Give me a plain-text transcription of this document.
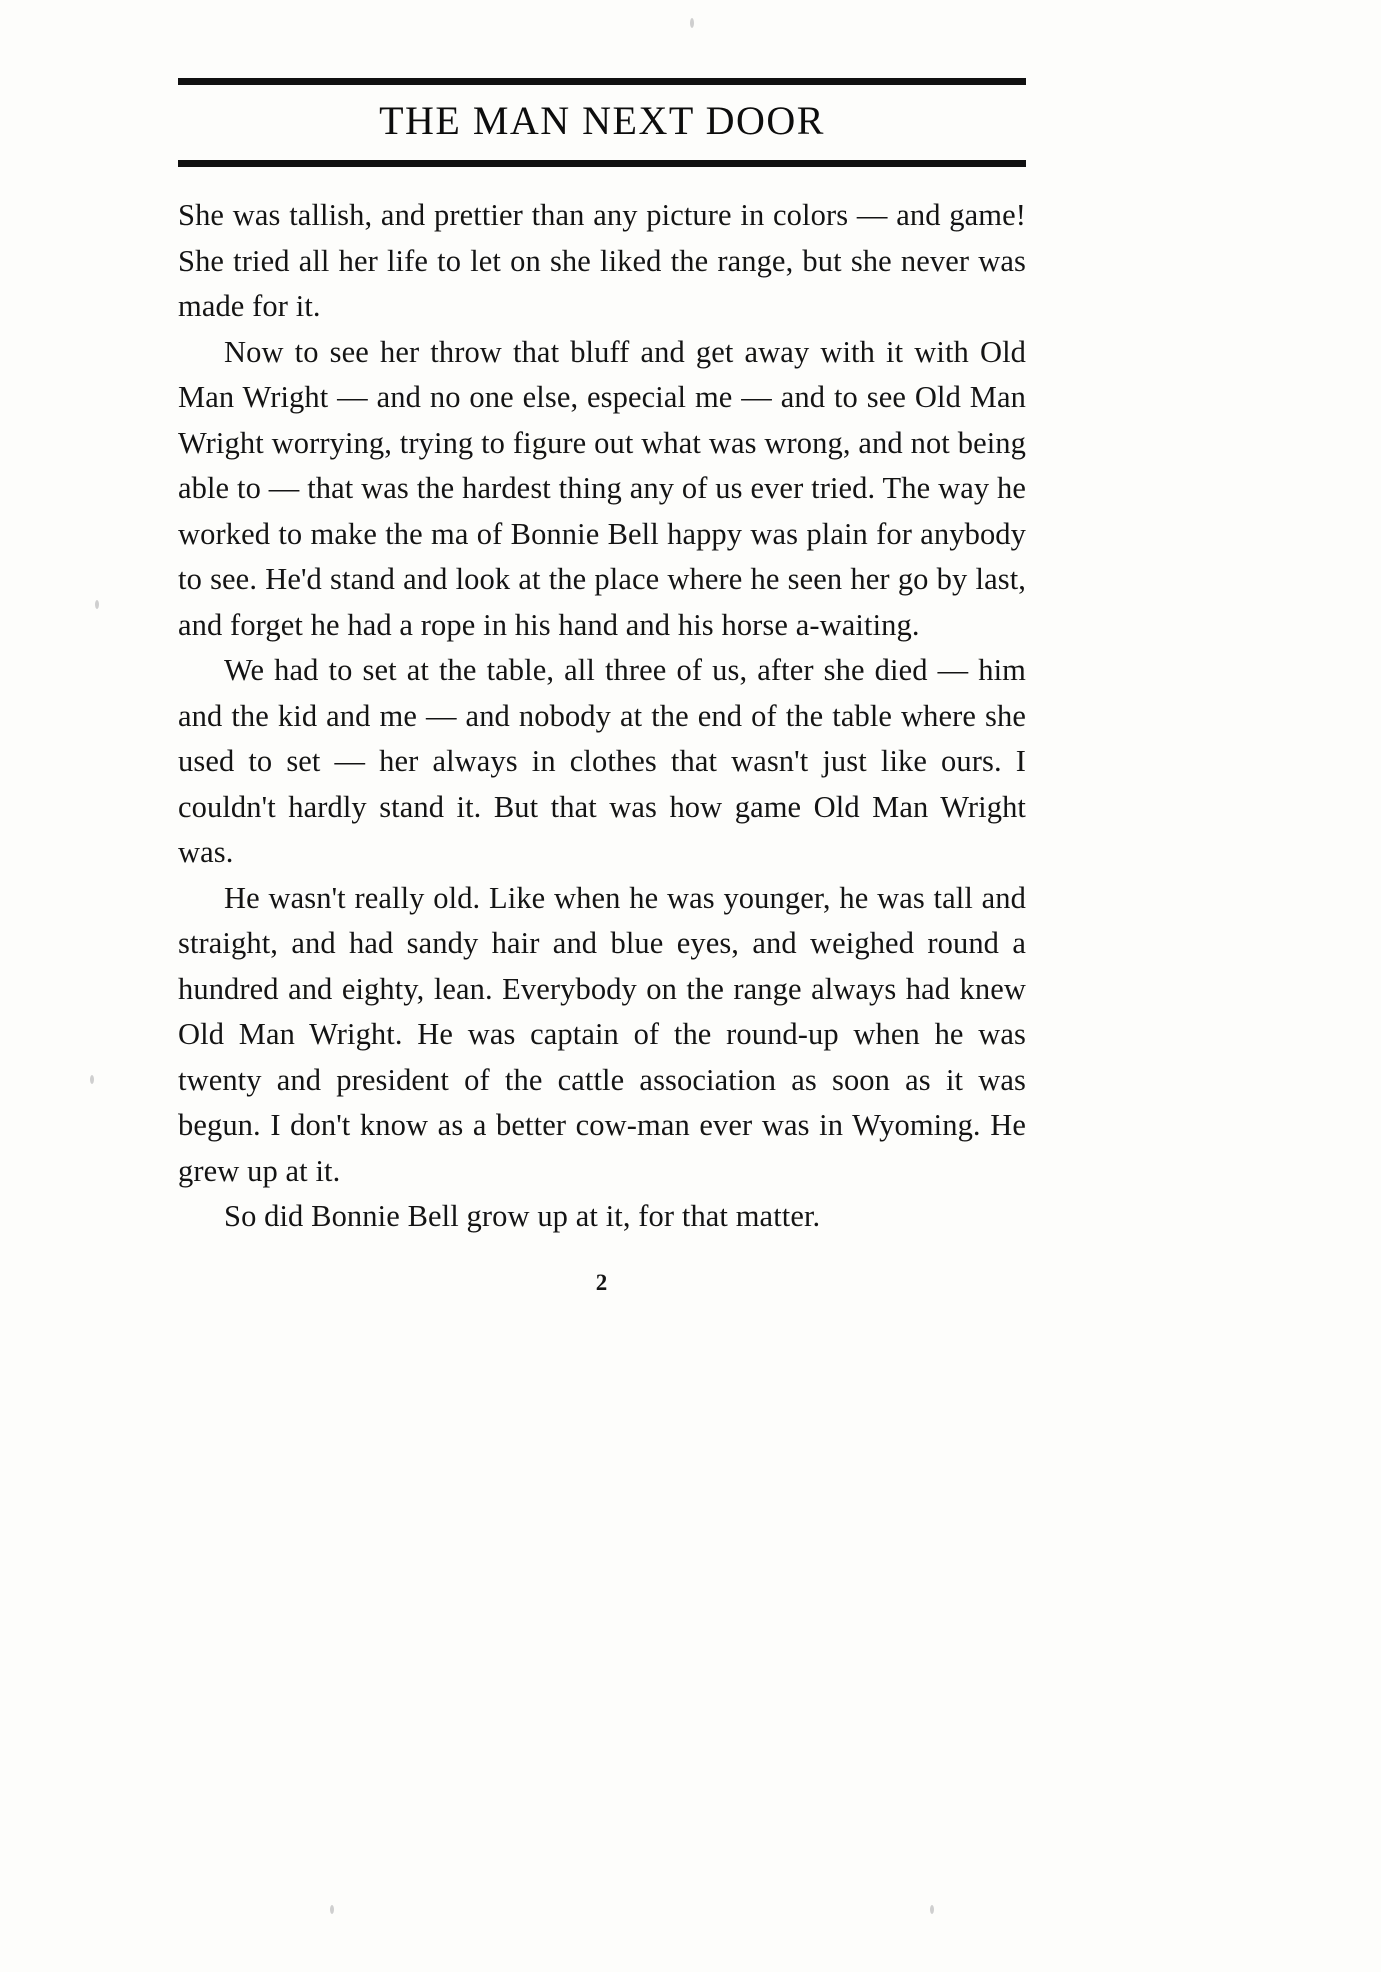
THE MAN NEXT DOOR

She was tallish, and prettier than any picture in colors — and game! She tried all her life to let on she liked the range, but she never was made for it.

Now to see her throw that bluff and get away with it with Old Man Wright — and no one else, especial me — and to see Old Man Wright worrying, trying to figure out what was wrong, and not being able to — that was the hardest thing any of us ever tried. The way he worked to make the ma of Bonnie Bell happy was plain for anybody to see. He'd stand and look at the place where he seen her go by last, and forget he had a rope in his hand and his horse a-waiting.

We had to set at the table, all three of us, after she died — him and the kid and me — and nobody at the end of the table where she used to set — her always in clothes that wasn't just like ours. I couldn't hardly stand it. But that was how game Old Man Wright was.

He wasn't really old. Like when he was younger, he was tall and straight, and had sandy hair and blue eyes, and weighed round a hundred and eighty, lean. Everybody on the range always had knew Old Man Wright. He was captain of the round-up when he was twenty and president of the cattle association as soon as it was begun. I don't know as a better cow-man ever was in Wyoming. He grew up at it.

So did Bonnie Bell grow up at it, for that matter.

2
